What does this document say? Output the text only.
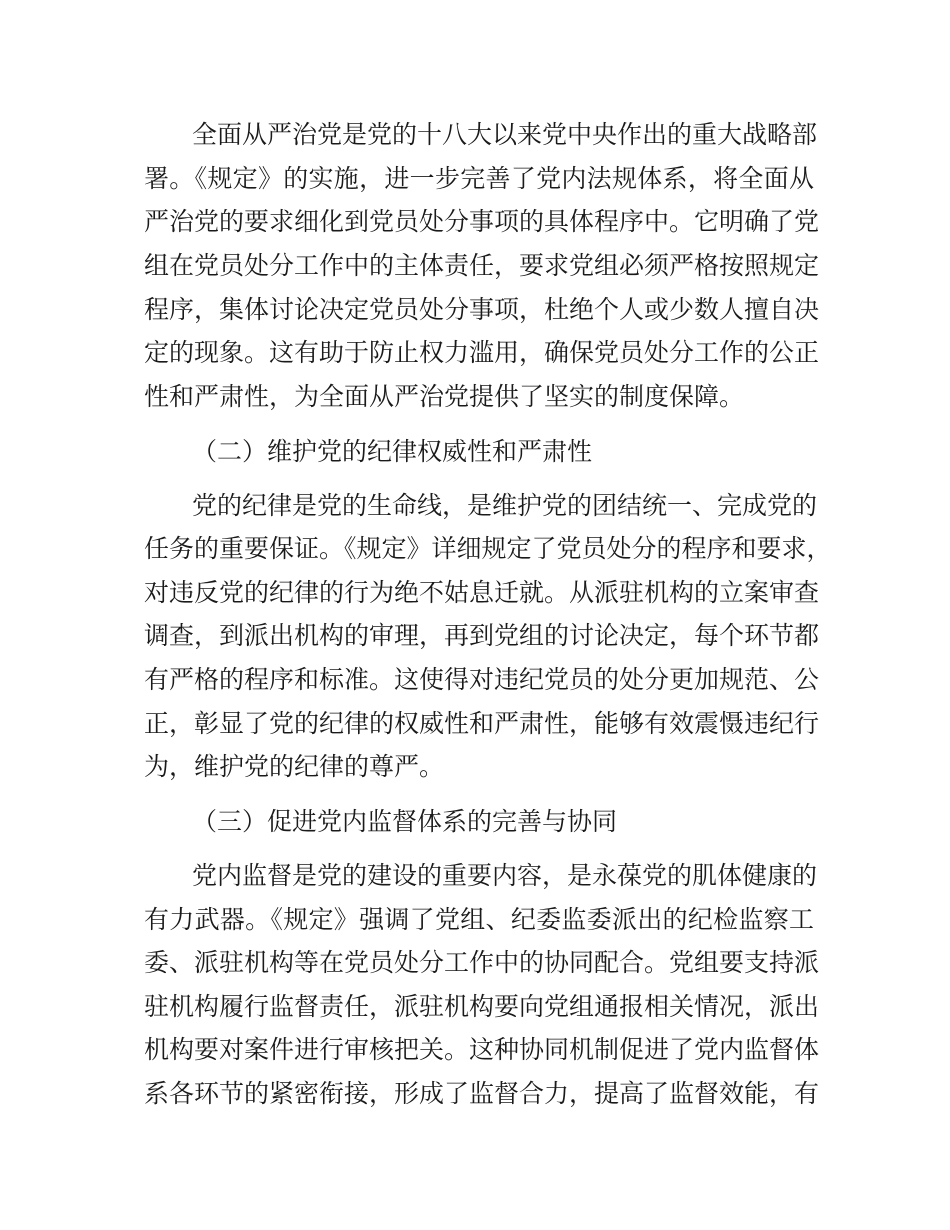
全面从严治党是党的十八大以来党中央作出的重大战略部
署。《规定》的实施，进一步完善了党内法规体系，将全面从
严治党的要求细化到党员处分事项的具体程序中。它明确了党
组在党员处分工作中的主体责任，要求党组必须严格按照规定
程序，集体讨论决定党员处分事项，杜绝个人或少数人擅自决
定的现象。这有助于防止权力滥用，确保党员处分工作的公正
性和严肃性，为全面从严治党提供了坚实的制度保障。
（二）维护党的纪律权威性和严肃性
党的纪律是党的生命线，是维护党的团结统一、完成党的
任务的重要保证。《规定》详细规定了党员处分的程序和要求，
对违反党的纪律的行为绝不姑息迁就。从派驻机构的立案审查
调查，到派出机构的审理，再到党组的讨论决定，每个环节都
有严格的程序和标准。这使得对违纪党员的处分更加规范、公
正，彰显了党的纪律的权威性和严肃性，能够有效震慑违纪行
为，维护党的纪律的尊严。
（三）促进党内监督体系的完善与协同
党内监督是党的建设的重要内容，是永葆党的肌体健康的
有力武器。《规定》强调了党组、纪委监委派出的纪检监察工
委、派驻机构等在党员处分工作中的协同配合。党组要支持派
驻机构履行监督责任，派驻机构要向党组通报相关情况，派出
机构要对案件进行审核把关。这种协同机制促进了党内监督体
系各环节的紧密衔接，形成了监督合力，提高了监督效能，有
